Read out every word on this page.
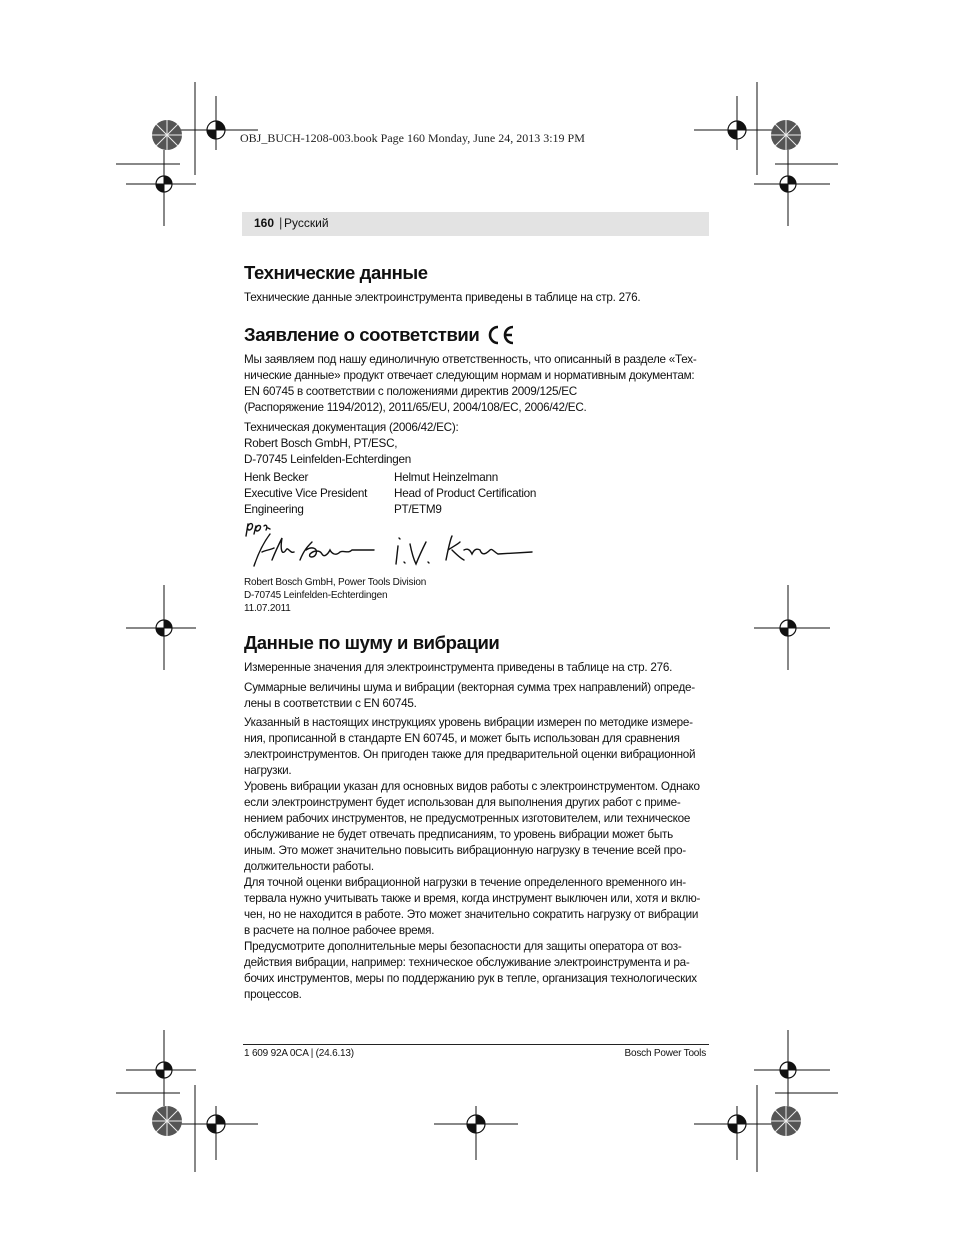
OBJ_BUCH-1208-003.book Page 160 Monday, June 24, 2013 3:19 PM
160 | Русский
Технические данные

Технические данные электроинструмента приведены в таблице на стр. 276.

Заявление о соответствии

Мы заявляем под нашу единоличную ответственность, что описанный в разделе «Тех-

нические данные» продукт отвечает следующим нормам и нормативным документам:

EN 60745 в соответствии с положениями директив 2009/125/EC

(Распоряжение 1194/2012), 2011/65/EU, 2004/108/EC, 2006/42/EC.

Техническая документация (2006/42/EC):

Robert Bosch GmbH, PT/ESC,

D-70745 Leinfelden-Echterdingen

Henk Becker

Executive Vice President

Engineering

Helmut Heinzelmann

Head of Product Certification

PT/ETM9

ppa.

Robert Bosch GmbH, Power Tools Division

D-70745 Leinfelden-Echterdingen

11.07.2011

Данные по шуму и вибрации

Измеренные значения для электроинструмента приведены в таблице на стр. 276.

Суммарные величины шума и вибрации (векторная сумма трех направлений) опреде-

лены в соответствии с EN 60745.

Указанный в настоящих инструкциях уровень вибрации измерен по методике измере-

ния, прописанной в стандарте EN 60745, и может быть использован для сравнения

электроинструментов. Он пригоден также для предварительной оценки вибрационной

нагрузки.

Уровень вибрации указан для основных видов работы с электроинструментом. Однако

если электроинструмент будет использован для выполнения других работ с приме-

нением рабочих инструментов, не предусмотренных изготовителем, или техническое

обслуживание не будет отвечать предписаниям, то уровень вибрации может быть

иным. Это может значительно повысить вибрационную нагрузку в течение всей про-

должительности работы.

Для точной оценки вибрационной нагрузки в течение определенного временного ин-

тервала нужно учитывать также и время, когда инструмент выключен или, хотя и вклю-

чен, но не находится в работе. Это может значительно сократить нагрузку от вибрации

в расчете на полное рабочее время.

Предусмотрите дополнительные меры безопасности для защиты оператора от воз-

действия вибрации, например: техническое обслуживание электроинструмента и ра-

бочих инструментов, меры по поддержанию рук в тепле, организация технологических

процессов.

1 609 92A 0CA | (24.6.13)	Bosch Power Tools
